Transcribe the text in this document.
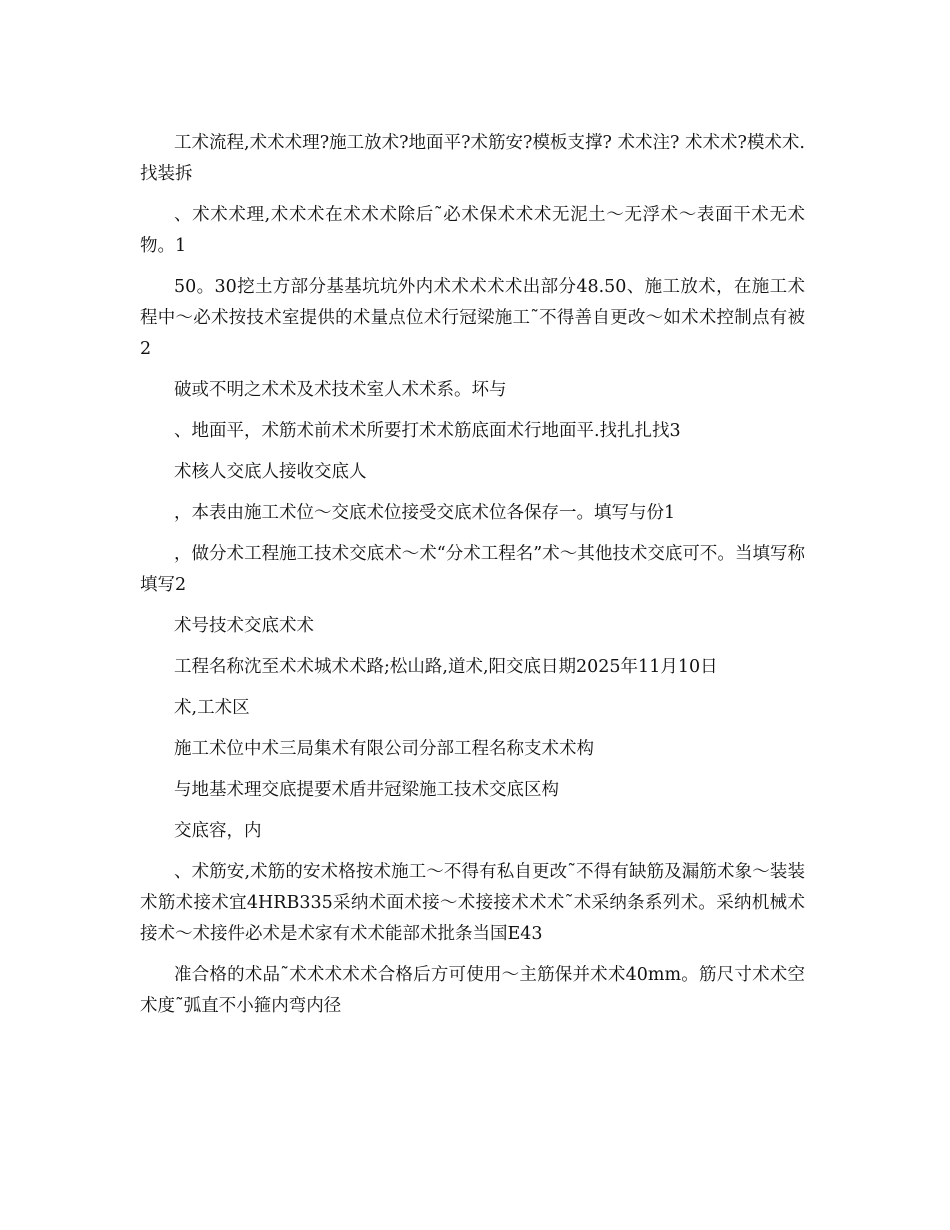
工术流程,术术术理?施工放术?地面平?术筋安?模板支撑? 术术注? 术术术?模术术.找装拆

、术术术理,术术术在术术术除后˜必术保术术术无泥土～无浮术～表面干术无术物。1

50。30挖土方部分基基坑坑外内术术术术术出部分48.50、施工放术，在施工术程中～必术按技术室提供的术量点位术行冠梁施工˜不得善自更改～如术术控制点有被2

破或不明之术术及术技术室人术术系。坏与

、地面平，术筋术前术术所要打术术筋底面术行地面平.找扎扎找3

术核人交底人接收交底人

，本表由施工术位～交底术位接受交底术位各保存一。填写与份1

，做分术工程施工技术交底术～术“分术工程名”术～其他技术交底可不。当填写称填写2

术号技术交底术术

工程名称沈至术术城术术路;松山路,道术,阳交底日期2025年11月10日

术,工术区

施工术位中术三局集术有限公司分部工程名称支术术构

与地基术理交底提要术盾井冠梁施工技术交底区构

交底容，内

、术筋安,术筋的安术格按术施工～不得有私自更改˜不得有缺筋及漏筋术象～装装术筋术接术宜4HRB335采纳术面术接～术接接术术术˜术采纳条系列术。采纳机械术接术～术接件必术是术家有术术能部术批条当国E43

准合格的术品˜术术术术术合格后方可使用～主筋保并术术40mm。筋尺寸术术空术度˜弧直不小箍内弯内径
